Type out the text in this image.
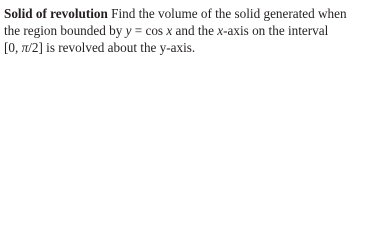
Solid of revolution Find the volume of the solid generated when
the region bounded by y = cos x and the x-axis on the interval
[0, π/2] is revolved about the y-axis.
